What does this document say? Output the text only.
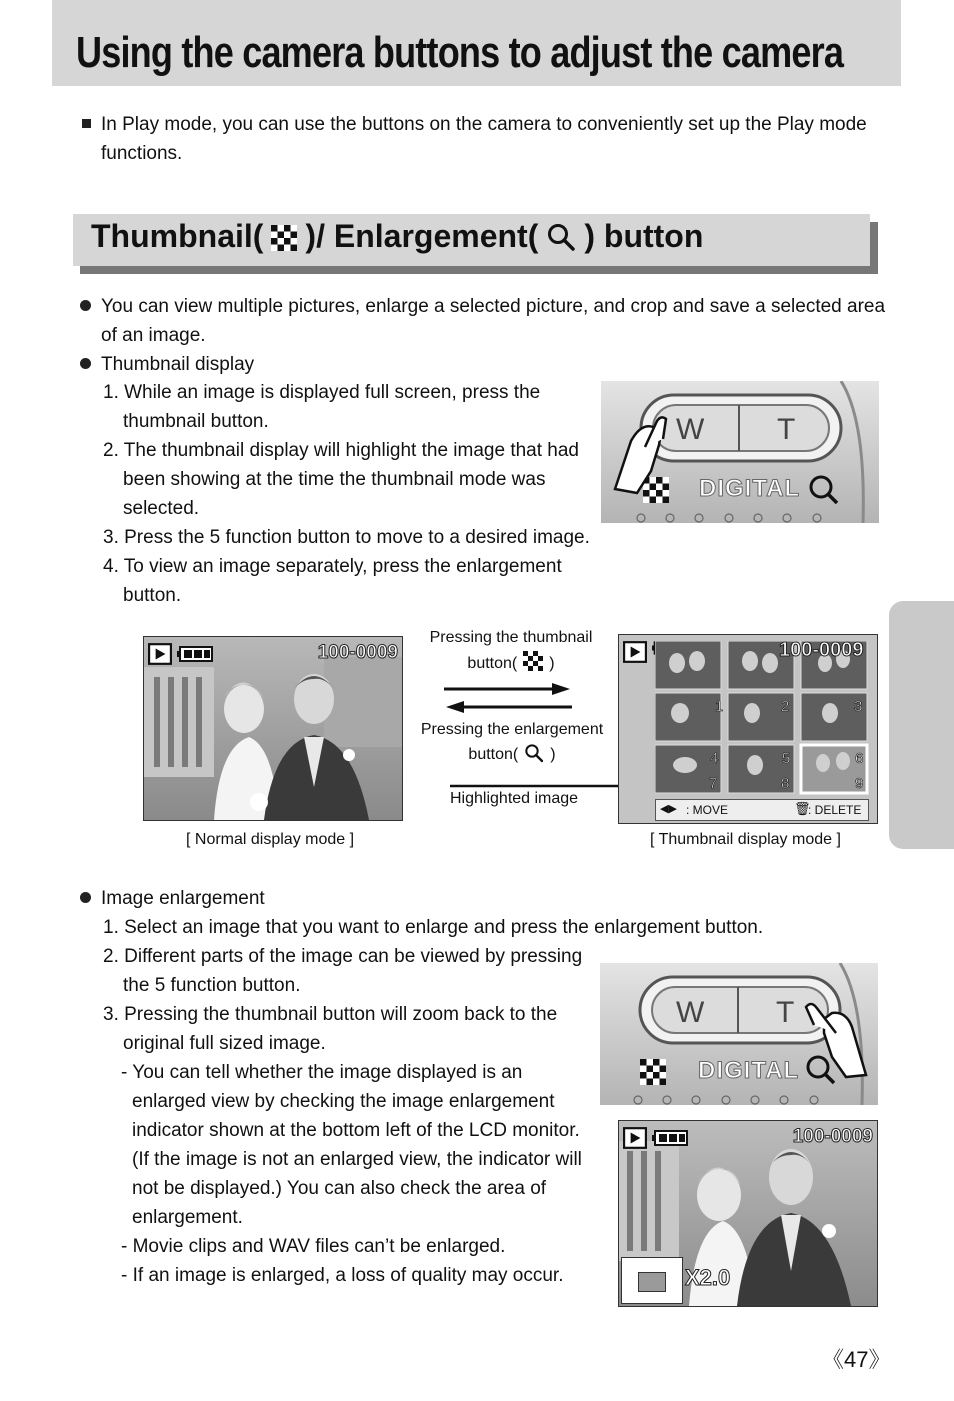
Using the camera buttons to adjust the camera
In Play mode, you can use the buttons on the camera to conveniently set up the Play mode
functions.
Thumbnail( )/ Enlargement( ) button
You can view multiple pictures, enlarge a selected picture, and crop and save a selected area
of an image.
Thumbnail display
1. While an image is displayed full screen, press the
thumbnail button.
2. The thumbnail display will highlight the image that had
been showing at the time the thumbnail mode was
selected.
3. Press the 5 function button to move to a desired image.
4. To view an image separately, press the enlargement
button.
W T
DIGITAL
100-0009
[ Normal display mode ]
Pressing the thumbnail
button( )
Pressing the enlargement
button( )
Highlighted image
1	2	3
4	5	6
7	8	9
100-0009
◀▶ : MOVE	🗑
: DELETE
[ Thumbnail display mode ]
Image enlargement
1. Select an image that you want to enlarge and press the enlargement button.
2. Different parts of the image can be viewed by pressing
the 5 function button.
3. Pressing the thumbnail button will zoom back to the
original full sized image.
- You can tell whether the image displayed is an
enlarged view by checking the image enlargement
indicator shown at the bottom left of the LCD monitor.
(If the image is not an enlarged view, the indicator will
not be displayed.) You can also check the area of
enlargement.
- Movie clips and WAV files can’t be enlarged.
- If an image is enlarged, a loss of quality may occur.
W T
DIGITAL
100-0009
X2.0
《47》
